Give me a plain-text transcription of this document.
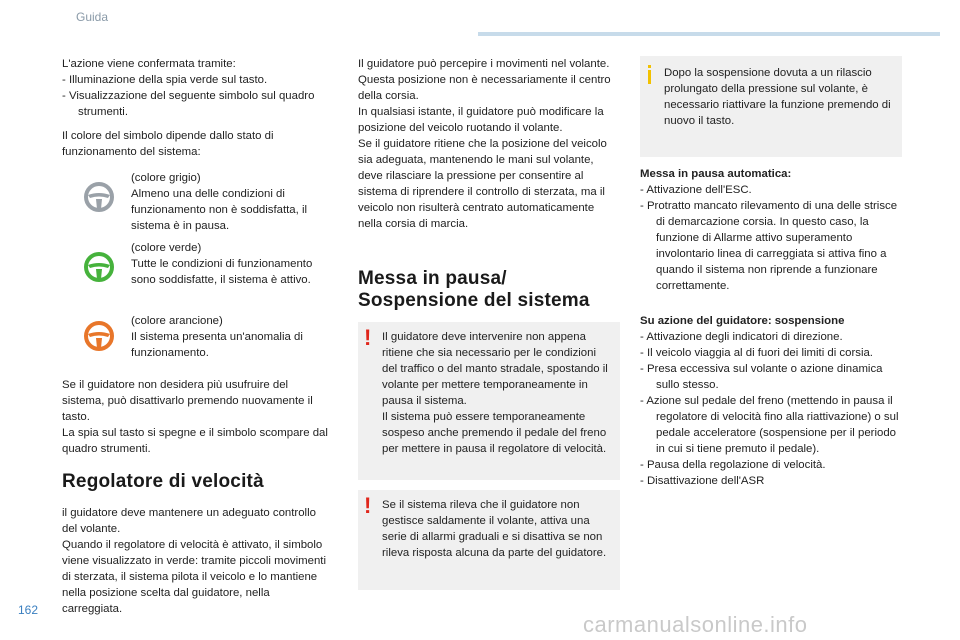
Guida

L'azione viene confermata tramite:

- Illuminazione della spia verde sul tasto.

- Visualizzazione del seguente simbolo sul quadro strumenti.

Il colore del simbolo dipende dallo stato di funzionamento del sistema:

(colore grigio)

Almeno una delle condizioni di funzionamento non è soddisfatta, il sistema è in pausa.

(colore verde)

Tutte le condizioni di funzionamento sono soddisfatte, il sistema è attivo.

(colore arancione)

Il sistema presenta un'anomalia di funzionamento.

Se il guidatore non desidera più usufruire del sistema, può disattivarlo premendo nuovamente il tasto.

La spia sul tasto si spegne e il simbolo scompare dal quadro strumenti.

Regolatore di velocità

il guidatore deve mantenere un adeguato controllo del volante.

Quando il regolatore di velocità è attivato, il simbolo viene visualizzato in verde: tramite piccoli movimenti di sterzata, il sistema pilota il veicolo e lo mantiene nella posizione scelta dal guidatore, nella carreggiata.

Il guidatore può percepire i movimenti nel volante.

Questa posizione non è necessariamente il centro della corsia.

In qualsiasi istante, il guidatore può modificare la posizione del veicolo ruotando il volante.

Se il guidatore ritiene che la posizione del veicolo sia adeguata, mantenendo le mani sul volante, deve rilasciare la pressione per consentire al sistema di riprendere il controllo di sterzata, ma il veicolo non risulterà centrato automaticamente nella corsia di marcia.

Messa in pausa/
Sospensione del sistema
! Il guidatore deve intervenire non appena ritiene che sia necessario per le condizioni del traffico o del manto stradale, spostando il volante per mettere temporaneamente in pausa il sistema.

Il sistema può essere temporaneamente sospeso anche premendo il pedale del freno per mettere in pausa il regolatore di velocità.

! Se il sistema rileva che il guidatore non gestisce saldamente il volante, attiva una serie di allarmi graduali e si disattiva se non rileva risposta alcuna da parte del guidatore.

Dopo la sospensione dovuta a un rilascio prolungato della pressione sul volante, è necessario riattivare la funzione premendo di nuovo il tasto.

Messa in pausa automatica:

- Attivazione dell'ESC.

- Protratto mancato rilevamento di una delle strisce di demarcazione corsia. In questo caso, la funzione di Allarme attivo superamento involontario linea di carreggiata si attiva fino a quando il sistema non riprende a funzionare correttamente.

Su azione del guidatore: sospensione

- Attivazione degli indicatori di direzione.

- Il veicolo viaggia al di fuori dei limiti di corsia.

- Presa eccessiva sul volante o azione dinamica sullo stesso.

- Azione sul pedale del freno (mettendo in pausa il regolatore di velocità fino alla riattivazione) o sul pedale acceleratore (sospensione per il periodo in cui si tiene premuto il pedale).

- Pausa della regolazione di velocità.

- Disattivazione dell'ASR

162
carmanualsonline.info
